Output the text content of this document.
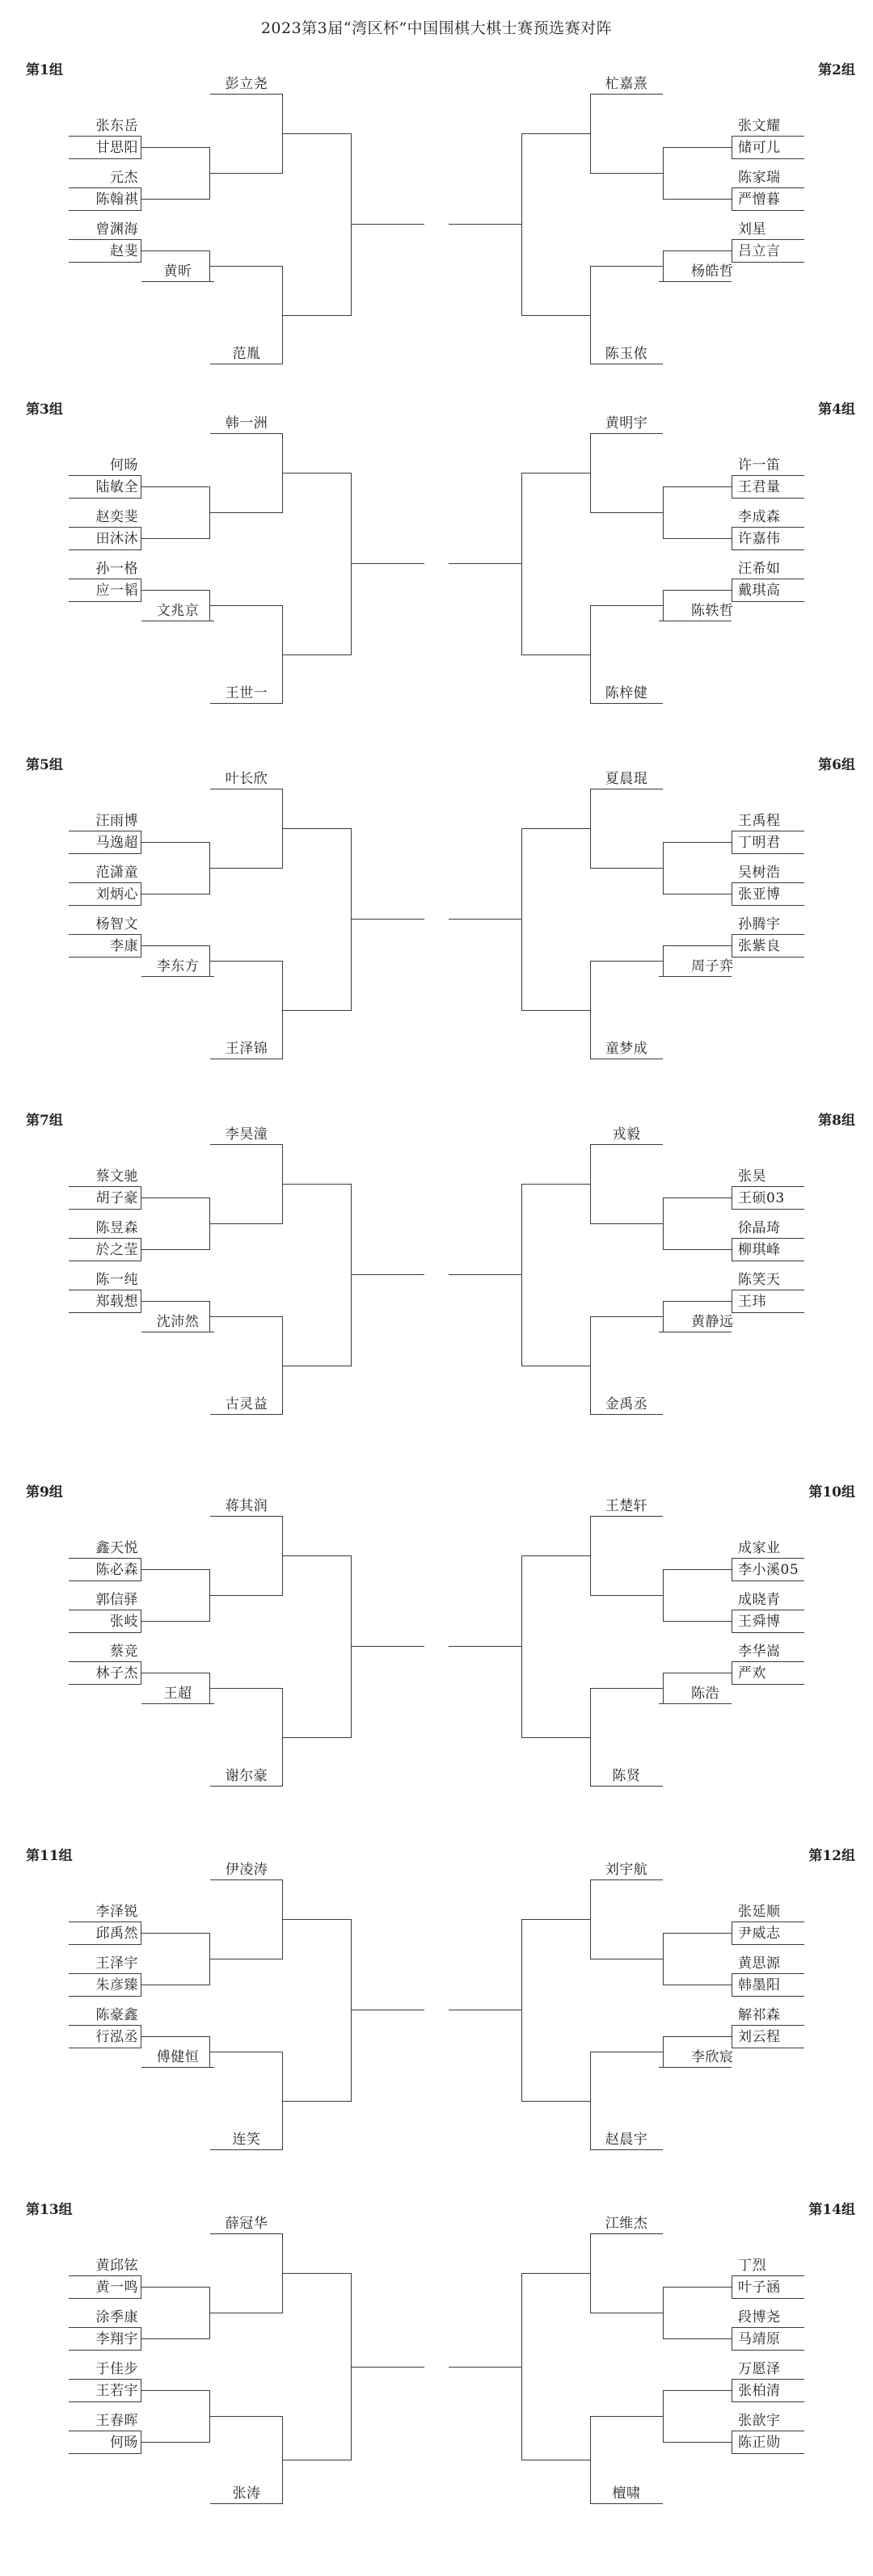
2023第3届“湾区杯”中国围棋大棋士赛预选赛对阵
第1组
张东岳
甘思阳
元杰
陈翰祺
曾渊海
赵斐
黄昕
彭立尧
范胤
第2组
张文耀
储可儿
陈家瑞
严憎暮
刘星
吕立言
杨皓哲
杧嘉熹
陈玉侬
第3组
何旸
陆敏全
赵奕斐
田沐沐
孙一格
应一韬
文兆京
韩一洲
王世一
第4组
许一笛
王君量
李成森
许嘉伟
汪希如
戴琪高
陈轶哲
黄明宇
陈梓健
第5组
汪雨博
马逸超
范潇童
刘炳心
杨智文
李康
李东方
叶长欣
王泽锦
第6组
王禹程
丁明君
吴树浩
张亚博
孙腾宇
张紫良
周子弈
夏晨琨
童梦成
第7组
蔡文驰
胡子豪
陈昱森
於之莹
陈一纯
郑载想
沈沛然
李昊潼
古灵益
第8组
张昊
王硕03
徐晶琦
柳琪峰
陈笑天
王玮
黄静远
戎毅
金禹丞
第9组
鑫天悦
陈必森
郭信驿
张岐
蔡竞
林子杰
王超
蒋其润
谢尔豪
第10组
成家业
李小溪05
成晓青
王舜博
李华嵩
严欢
陈浩
王楚轩
陈贤
第11组
李泽锐
邱禹然
王泽宇
朱彦臻
陈豪鑫
行泓丞
傅健恒
伊凌涛
连笑
第12组
张延顺
尹威志
黄思源
韩墨阳
解祁森
刘云程
李欣宸
刘宇航
赵晨宇
第13组
黄邱铉
黄一鸣
涂季康
李翔宇
于佳步
王若宇
王春晖
何旸
薛冠华
张涛
第14组
丁烈
叶子涵
段博尧
马靖原
万愿泽
张柏清
张歆宇
陈正勋
江维杰
檀啸
